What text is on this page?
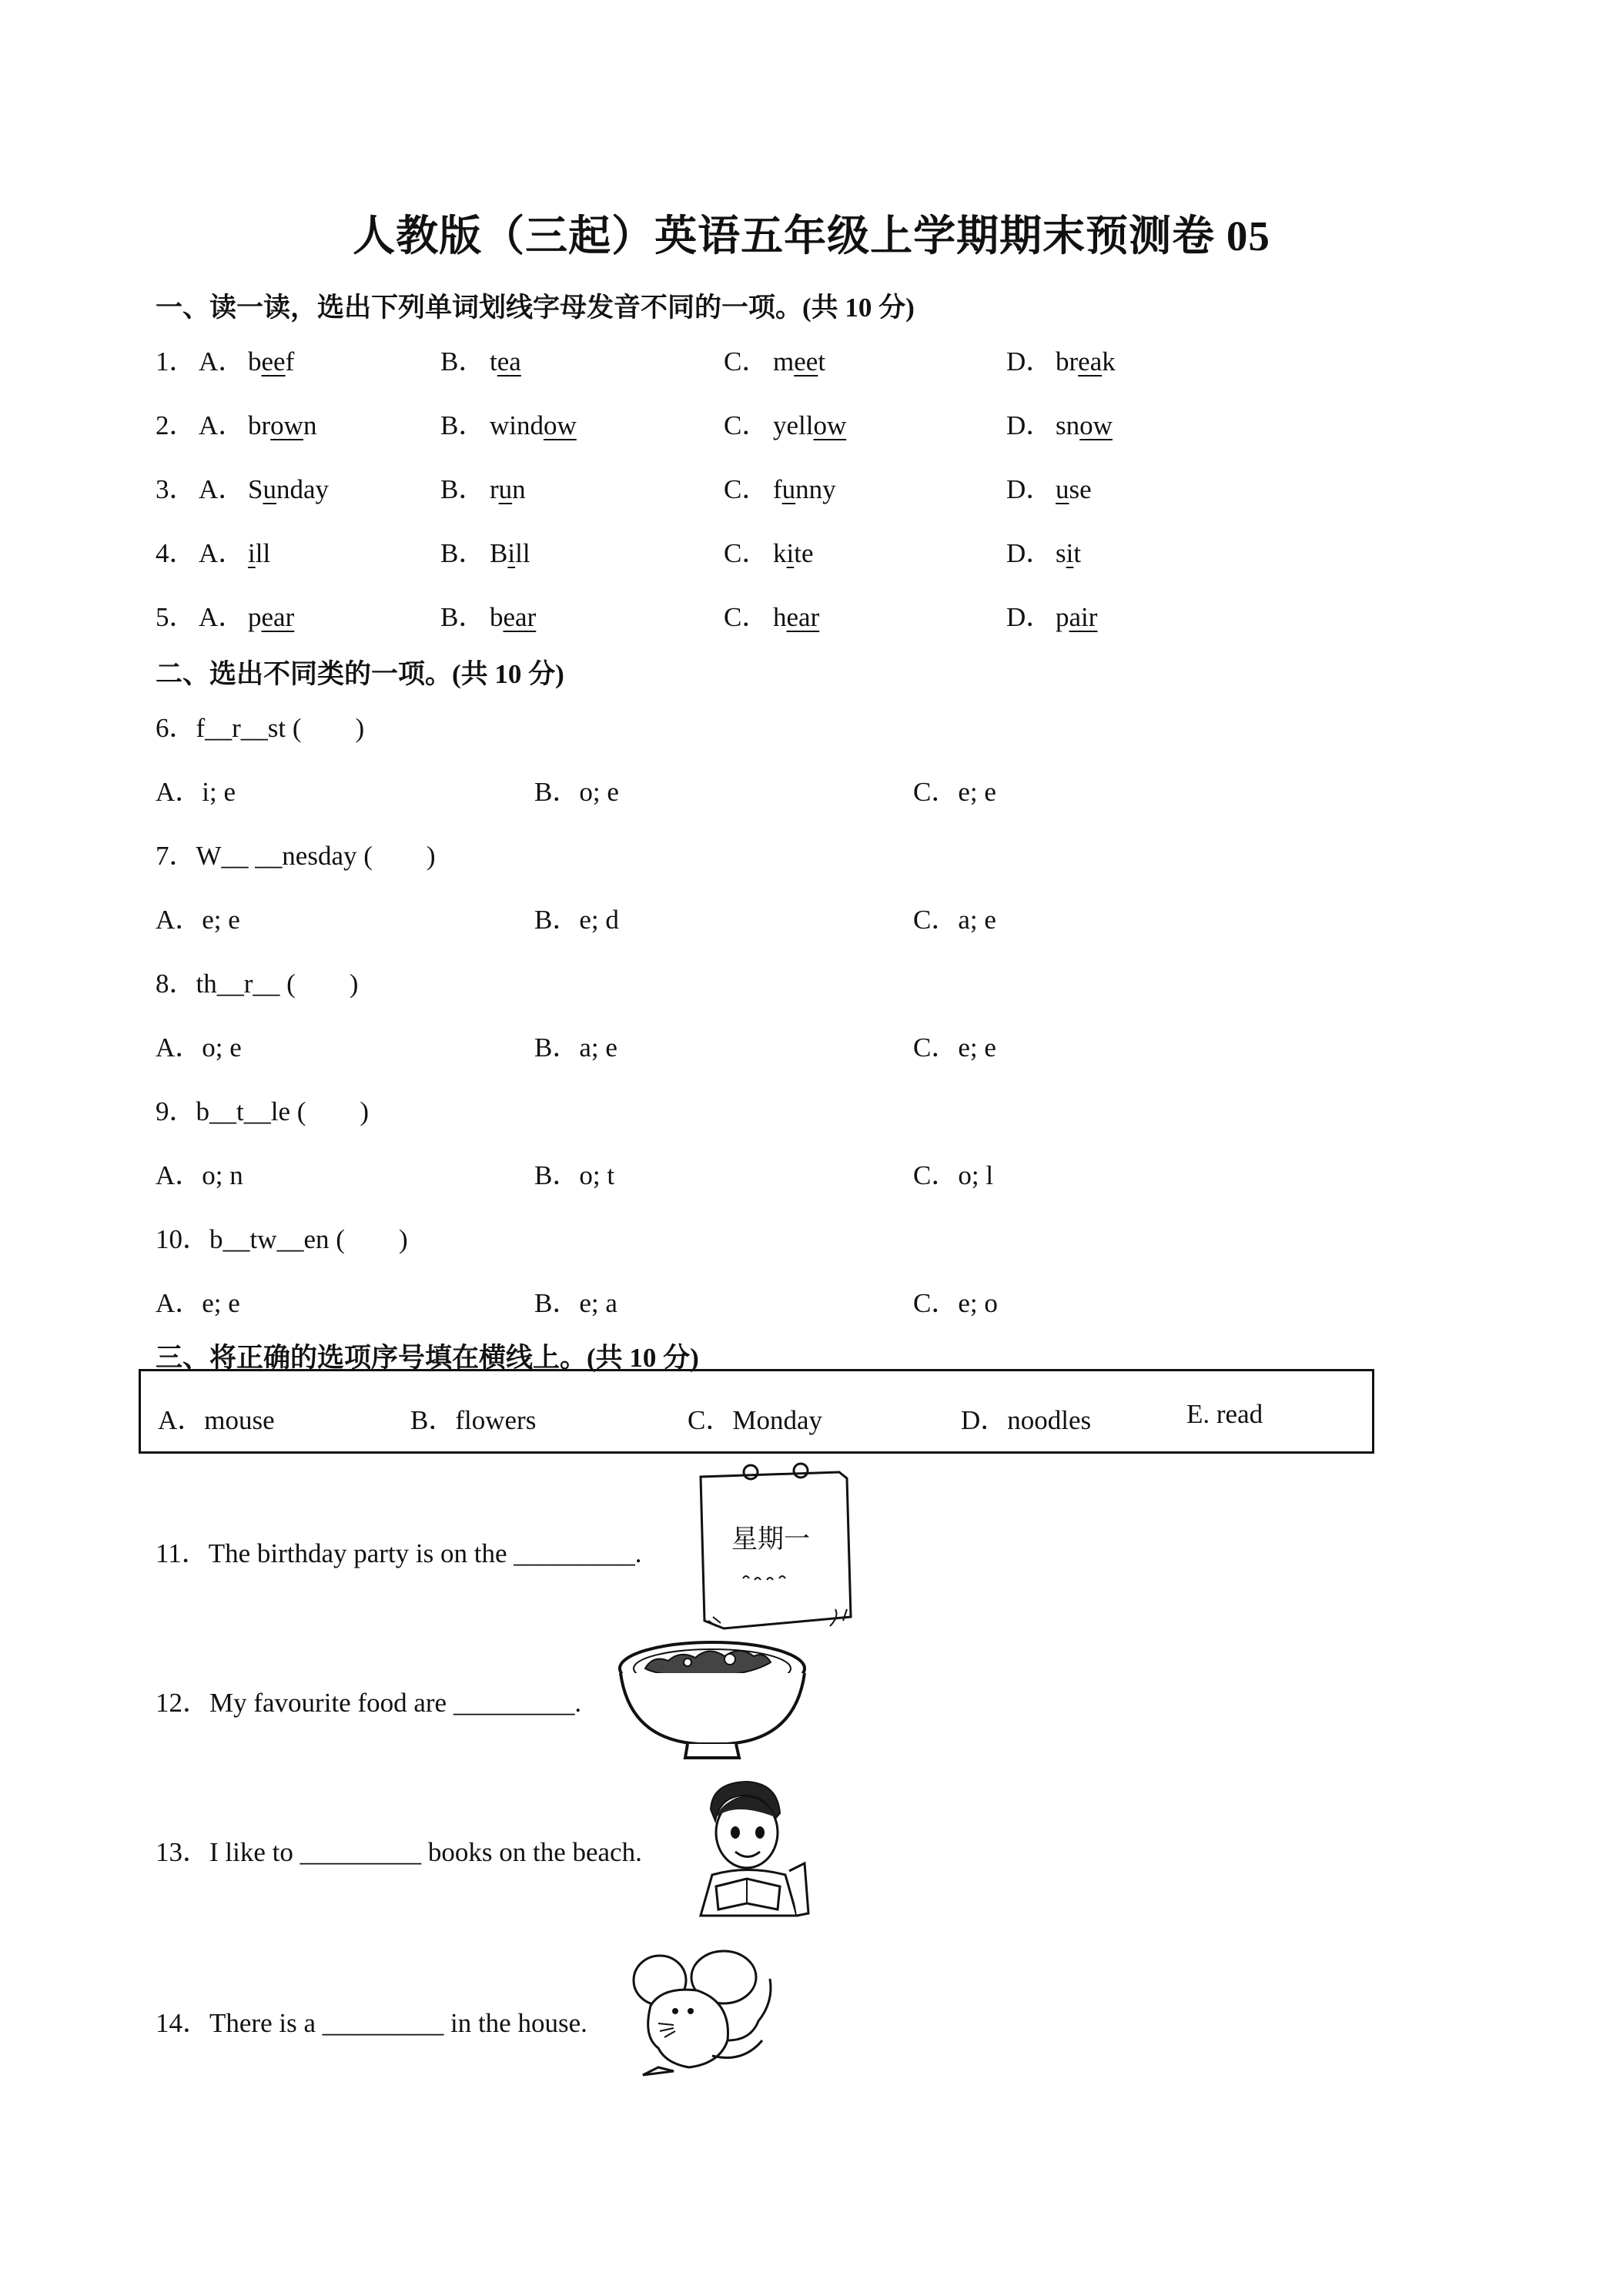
人教版（三起）英语五年级上学期期末预测卷 05
一、读一读，选出下列单词划线字母发音不同的一项。(共 10 分)
1． A． beef	B． tea	C． meet	D． break
2． A． brown	B． window	C． yellow	D． snow
3． A． Sunday	B． run	C． funny	D． use
4． A． ill	B． Bill	C． kite	D． sit
5． A． pear	B． bear	C． hear	D． pair
二、选出不同类的一项。(共 10 分)
6．f__r__st (　　)
A．i; e	B．o; e	C．e; e
7．W__ __nesday (　　)
A．e; e	B．e; d	C．a; e
8．th__r__ (　　)
A．o; e	B．a; e	C．e; e
9．b__t__le (　　)
A．o; n	B．o; t	C．o; l
10．b__tw__en (　　)
A．e; e	B．e; a	C．e; o
三、将正确的选项序号填在横线上。(共 10 分)
A．mouse	B．flowers	C．Monday	D．noodles	E. read
11．The birthday party is on the _________.
12．My favourite food are _________.
13．I like to _________ books on the beach.
14．There is a _________ in the house.
星期一
